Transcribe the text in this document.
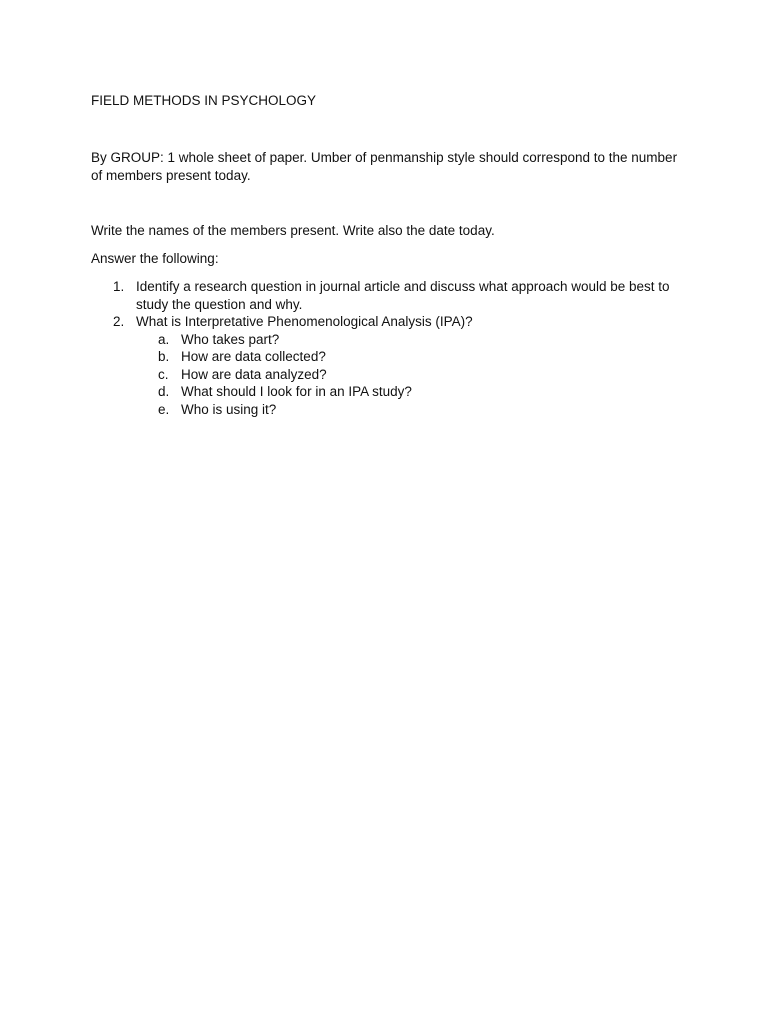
FIELD METHODS IN PSYCHOLOGY

By GROUP: 1 whole sheet of paper. Umber of penmanship style should correspond to the number of members present today.

Write the names of the members present. Write also the date today.

Answer the following:

1. Identify a research question in journal article and discuss what approach would be best to study the question and why.
2. What is Interpretative Phenomenological Analysis (IPA)?
a. Who takes part?
b. How are data collected?
c. How are data analyzed?
d. What should I look for in an IPA study?
e. Who is using it?
